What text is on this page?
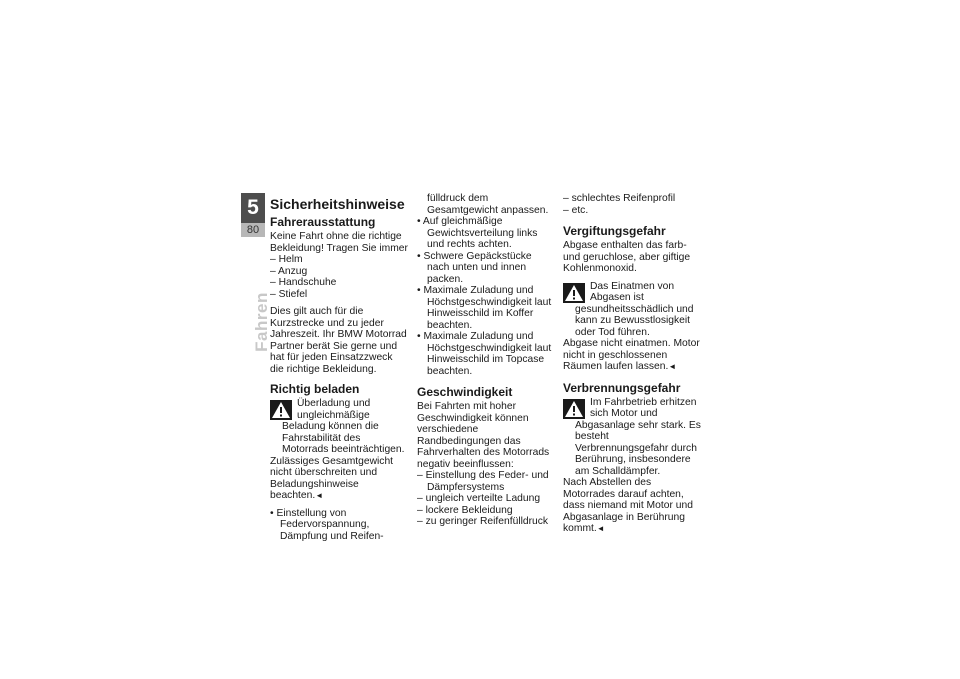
5
80
Fahren
Sicherheitshinweise
Fahrerausstattung

Keine Fahrt ohne die richtige Bekleidung! Tragen Sie immer

– Helm

– Anzug

– Handschuhe

– Stiefel

Dies gilt auch für die Kurzstrecke und zu jeder Jahreszeit. Ihr BMW Motorrad Partner berät Sie gerne und hat für jeden Einsatzzweck die richtige Bekleidung.

Richtig beladen

Überladung und ungleichmäßige Beladung können die Fahrstabilität des Motorrads beeinträchtigen.

Zulässiges Gesamtgewicht nicht überschreiten und Beladungshinweise beachten.◄

• Einstellung von Federvorspannung, Dämpfung und Reifen-

fülldruck dem Gesamtgewicht anpassen.

• Auf gleichmäßige Gewichtsverteilung links und rechts achten.

• Schwere Gepäckstücke nach unten und innen packen.

• Maximale Zuladung und Höchstgeschwindigkeit laut Hinweisschild im Koffer beachten.

• Maximale Zuladung und Höchstgeschwindigkeit laut Hinweisschild im Topcase beachten.

Geschwindigkeit

Bei Fahrten mit hoher Geschwindigkeit können verschiedene Randbedingungen das Fahrverhalten des Motorrads negativ beeinflussen:

– Einstellung des Feder- und Dämpfersystems

– ungleich verteilte Ladung

– lockere Bekleidung

– zu geringer Reifenfülldruck

– schlechtes Reifenprofil

– etc.

Vergiftungsgefahr

Abgase enthalten das farb- und geruchlose, aber giftige Kohlenmonoxid.

Das Einatmen von Abgasen ist gesundheitsschädlich und kann zu Bewusstlosigkeit oder Tod führen.

Abgase nicht einatmen. Motor nicht in geschlossenen Räumen laufen lassen.◄

Verbrennungsgefahr

Im Fahrbetrieb erhitzen sich Motor und Abgasanlage sehr stark. Es besteht Verbrennungsgefahr durch Berührung, insbesondere am Schalldämpfer.

Nach Abstellen des Motorrades darauf achten, dass niemand mit Motor und Abgasanlage in Berührung kommt.◄
